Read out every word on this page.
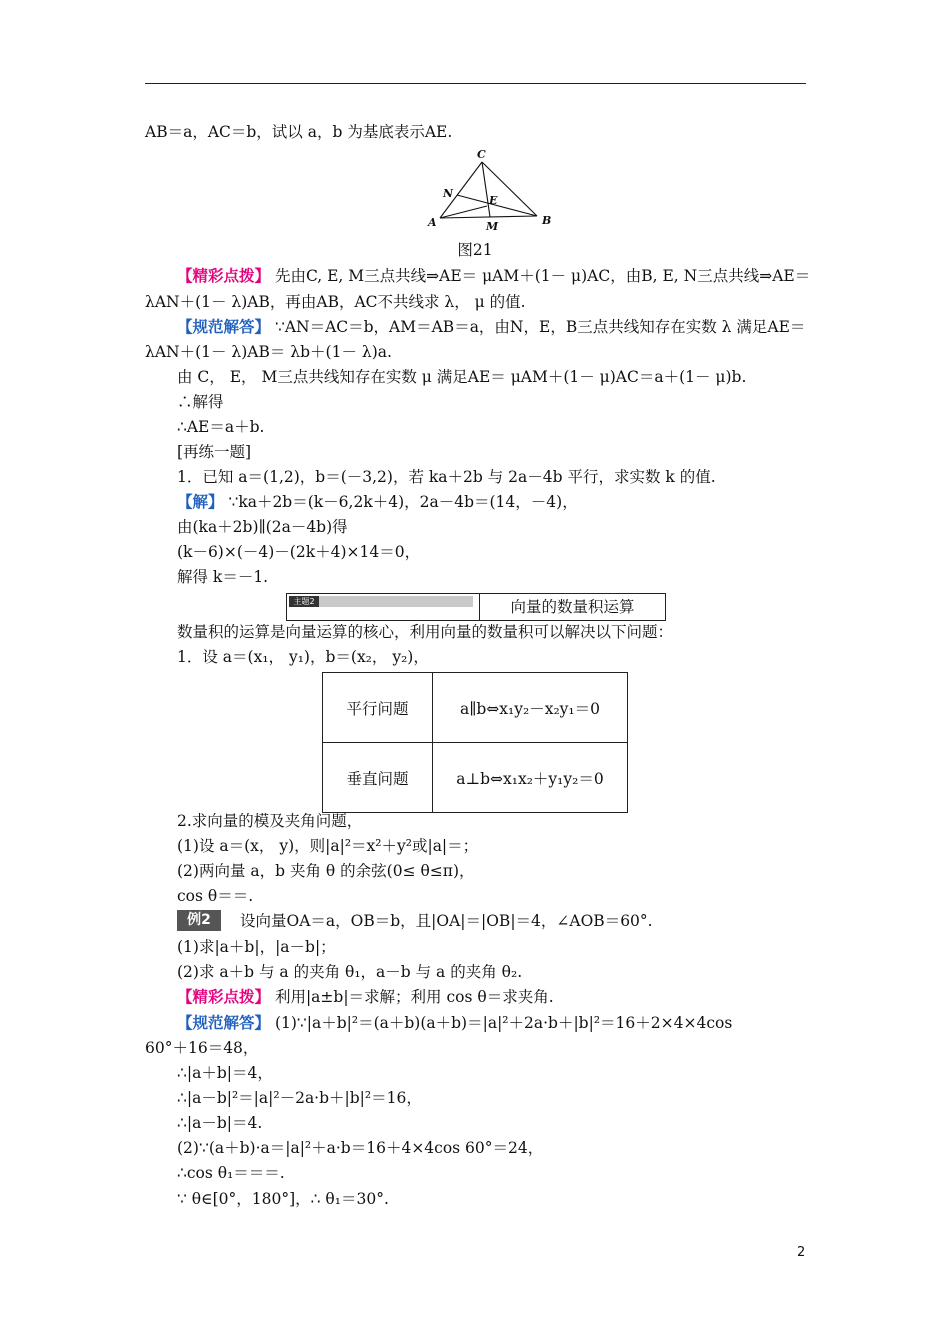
AB＝a，AC＝b，试以 a，b 为基底表示AE.
C
N
E
A	M	B
图21
【精彩点拨】 先由C, E, M三点共线⇒AE＝ μAM＋(1－ μ)AC，由B, E, N三点共线⇒AE＝
λAN＋(1－ λ)AB，再由AB，AC不共线求 λ， μ 的值.
【规范解答】 ∵AN＝AC＝b，AM＝AB＝a，由N，E，B三点共线知存在实数 λ 满足AE＝
λAN＋(1－ λ)AB＝ λb＋(1－ λ)a.
由 C， E， M三点共线知存在实数 μ 满足AE＝ μAM＋(1－ μ)AC＝a＋(1－ μ)b.
∴解得
∴AE＝a＋b.
[再练一题]
1．已知 a＝(1,2)，b＝(－3,2)，若 ka＋2b 与 2a－4b 平行，求实数 k 的值.
【解】 ∵ka＋2b＝(k－6,2k＋4)，2a－4b＝(14，－4)，
由(ka＋2b)∥(2a－4b)得
(k－6)×(－4)－(2k＋4)×14＝0，
解得 k＝－1.
主题2	向量的数量积运算
数量积的运算是向量运算的核心，利用向量的数量积可以解决以下问题：
1．设 a＝(x₁， y₁)，b＝(x₂， y₂)，
平行问题	a∥b⇔x₁y₂－x₂y₁＝0
垂直问题	a⊥b⇔x₁x₂＋y₁y₂＝0
2.求向量的模及夹角问题，
(1)设 a＝(x， y)，则|a|²＝x²＋y²或|a|＝；
(2)两向量 a，b 夹角 θ 的余弦(0≤ θ≤π)，
cos θ＝＝.
例2	设向量OA＝a，OB＝b，且|OA|＝|OB|＝4，∠AOB＝60°.
(1)求|a＋b|，|a－b|；
(2)求 a＋b 与 a 的夹角 θ₁，a－b 与 a 的夹角 θ₂.
【精彩点拨】 利用|a±b|＝求解；利用 cos θ＝求夹角.
【规范解答】 (1)∵|a＋b|²＝(a＋b)(a＋b)＝|a|²＋2a·b＋|b|²＝16＋2×4×4cos
60°＋16＝48，
∴|a＋b|＝4，
∴|a－b|²＝|a|²－2a·b＋|b|²＝16，
∴|a－b|＝4.
(2)∵(a＋b)·a＝|a|²＋a·b＝16＋4×4cos 60°＝24，
∴cos θ₁＝＝＝.
∵ θ∈[0°，180°]，∴ θ₁＝30°.
2
